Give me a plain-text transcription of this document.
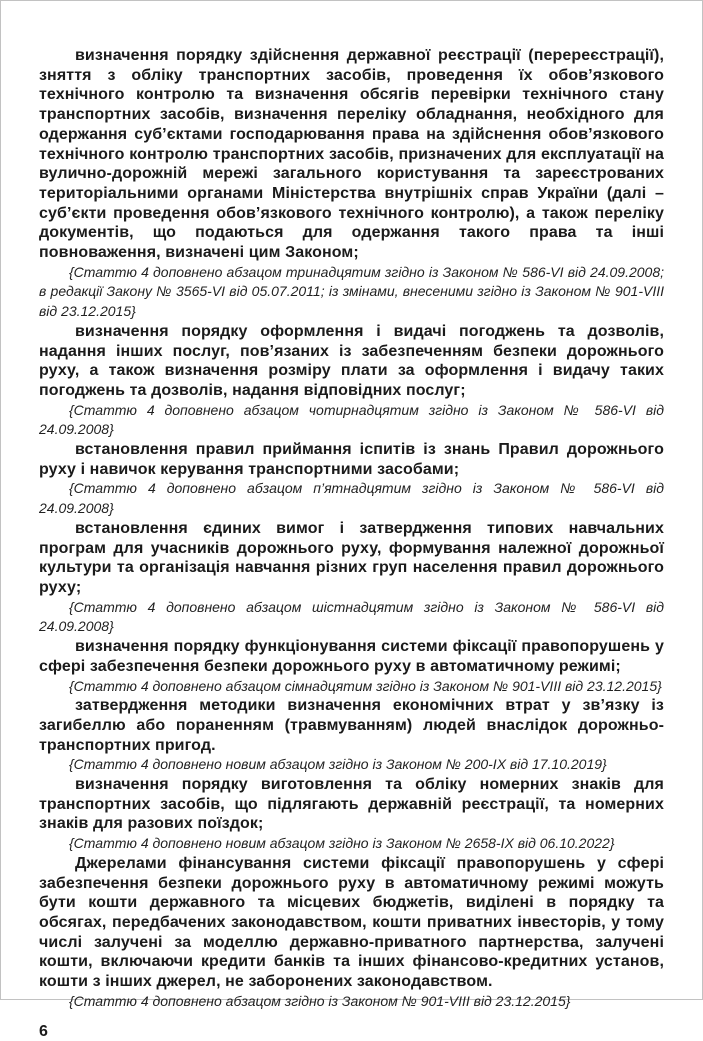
визначення порядку здійснення державної реєстрації (перереєстрації), зняття з обліку транспортних засобів, проведення їх обов’язкового технічного контролю та визначення обсягів перевірки технічного стану транспортних засобів, визначення переліку обладнання, необхідного для одержання суб’єктами господарювання права на здійснення обов’язкового технічного контролю транспортних засобів, призначених для експлуатації на вулично-дорожній мережі загального користування та зареєстрованих територіальними органами Міністерства внутрішніх справ України (далі – суб’єкти проведення обов’язкового технічного контролю), а також переліку документів, що подаються для одержання такого права та інші повноваження, визначені цим Законом;

{Статтю 4 доповнено абзацом тринадцятим згідно із Законом № 586-VI від 24.09.2008; в редакції Закону № 3565-VI від 05.07.2011; із змінами, внесеними згідно із Законом № 901-VIII від 23.12.2015}

визначення порядку оформлення і видачі погоджень та дозволів, надання інших послуг, пов’язаних із забезпеченням безпеки дорожнього руху, а також визначення розміру плати за оформлення і видачу таких погоджень та дозволів, надання відповідних послуг;

{Статтю 4 доповнено абзацом чотирнадцятим згідно із Законом № 586-VI від 24.09.2008}

встановлення правил приймання іспитів із знань Правил дорожнього руху і навичок керування транспортними засобами;

{Статтю 4 доповнено абзацом п’ятнадцятим згідно із Законом № 586-VI від 24.09.2008}

встановлення єдиних вимог і затвердження типових навчальних програм для учасників дорожнього руху, формування належної дорожньої культури та організація навчання різних груп населення правил дорожнього руху;

{Статтю 4 доповнено абзацом шістнадцятим згідно із Законом № 586-VI від 24.09.2008}

визначення порядку функціонування системи фіксації правопорушень у сфері забезпечення безпеки дорожнього руху в автоматичному режимі;

{Статтю 4 доповнено абзацом сімнадцятим згідно із Законом № 901-VIII від 23.12.2015}

затвердження методики визначення економічних втрат у зв’язку із загибеллю або пораненням (травмуванням) людей внаслідок дорожньо-транспортних пригод.

{Статтю 4 доповнено новим абзацом згідно із Законом № 200-IX від 17.10.2019}

визначення порядку виготовлення та обліку номерних знаків для транспортних засобів, що підлягають державній реєстрації, та номерних знаків для разових поїздок;

{Статтю 4 доповнено новим абзацом згідно із Законом № 2658-IX від 06.10.2022}

Джерелами фінансування системи фіксації правопорушень у сфері забезпечення безпеки дорожнього руху в автоматичному режимі можуть бути кошти державного та місцевих бюджетів, виділені в порядку та обсягах, передбачених законодавством, кошти приватних інвесторів, у тому числі залучені за моделлю державно-приватного партнерства, залучені кошти, включаючи кредити банків та інших фінансово-кредитних установ, кошти з інших джерел, не заборонених законодавством.

{Статтю 4 доповнено абзацом згідно із Законом № 901-VIII від 23.12.2015}

6
